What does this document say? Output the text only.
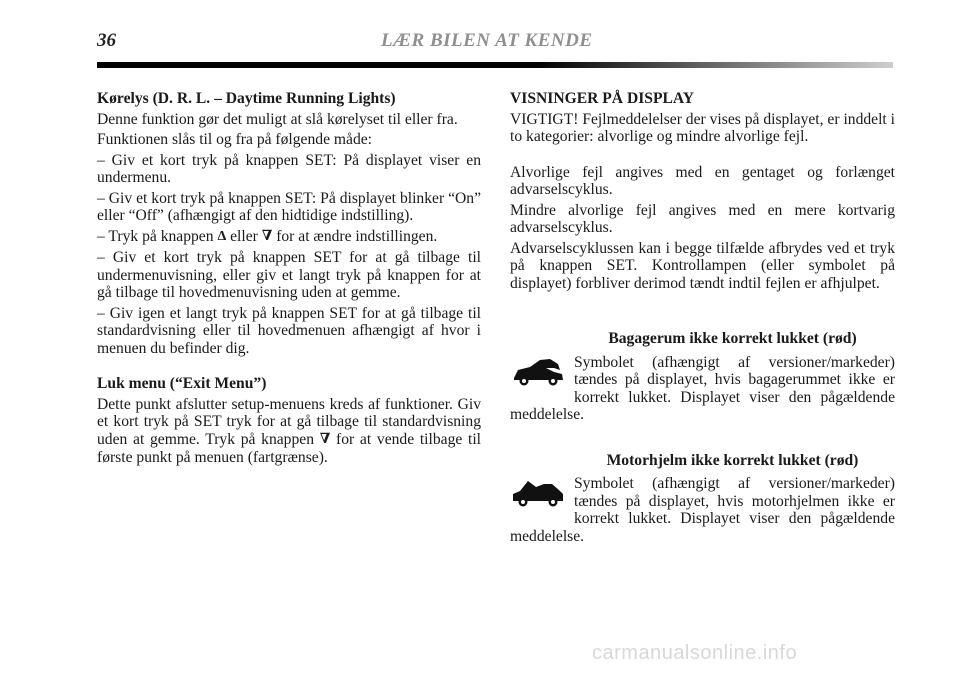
36	LÆR BILEN AT KENDE

Kørelys (D. R. L. – Daytime Running Lights)

Denne funktion gør det muligt at slå kørelyset til eller fra.

Funktionen slås til og fra på følgende måde:

– Giv et kort tryk på knappen SET: På displayet viser en undermenu.

– Giv et kort tryk på knappen SET: På displayet blinker “On” eller “Off” (afhængigt af den hidtidige indstilling).

– Tryk på knappen Δ eller ∇ for at ændre indstillingen.

– Giv et kort tryk på knappen SET for at gå tilbage til undermenuvisning, eller giv et langt tryk på knappen for at gå tilbage til hovedmenuvisning uden at gemme.

– Giv igen et langt tryk på knappen SET for at gå tilbage til standardvisning eller til hovedmenuen afhængigt af hvor i menuen du befinder dig.

Luk menu (“Exit Menu”)

Dette punkt afslutter setup-menuens kreds af funktioner. Giv et kort tryk på SET tryk for at gå tilbage til standardvisning uden at gemme. Tryk på knappen ∇ for at vende tilbage til første punkt på menuen (fartgrænse).

VISNINGER PÅ DISPLAY

VIGTIGT! Fejlmeddelelser der vises på displayet, er inddelt i to kategorier: alvorlige og mindre alvorlige fejl.

Alvorlige fejl angives med en gentaget og forlænget advarselscyklus.

Mindre alvorlige fejl angives med en mere kortvarig advarselscyklus.

Advarselscyklussen kan i begge tilfælde afbrydes ved et tryk på knappen SET. Kontrollampen (eller symbolet på displayet) forbliver derimod tændt indtil fejlen er afhjulpet.

Bagagerum ikke korrekt lukket (rød)

Symbolet (afhængigt af versioner/markeder) tændes på displayet, hvis bagagerummet ikke er korrekt lukket. Displayet viser den pågældende meddelelse.

Motorhjelm ikke korrekt lukket (rød)

Symbolet (afhængigt af versioner/markeder) tændes på displayet, hvis motorhjelmen ikke er korrekt lukket. Displayet viser den pågældende meddelelse.

carmanualsonline.info
